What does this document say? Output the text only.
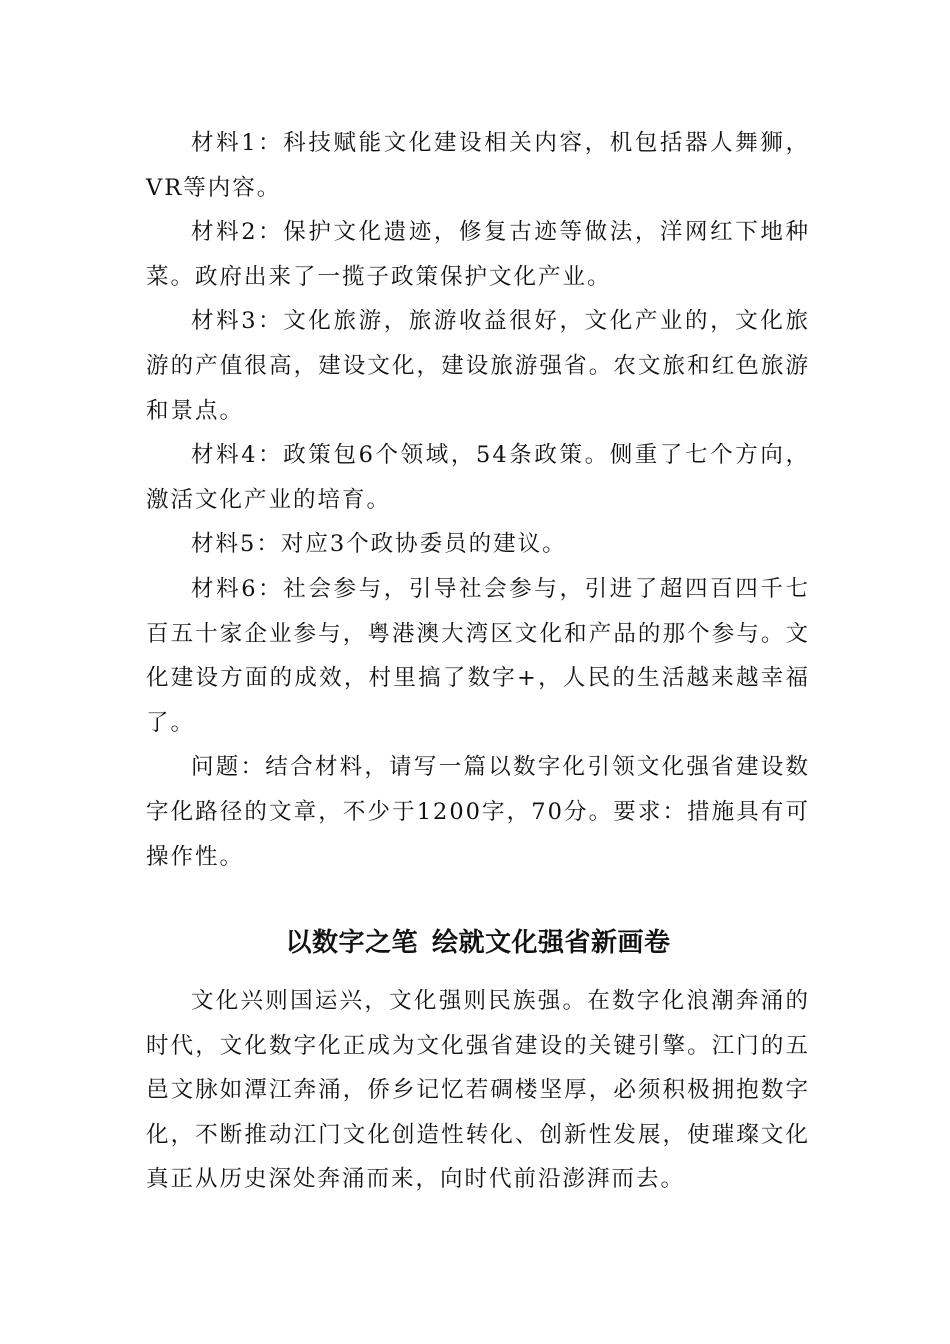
材料1：科技赋能文化建设相关内容，机包括器人舞狮，VR等内容。

材料2：保护文化遗迹，修复古迹等做法，洋网红下地种菜。政府出来了一揽子政策保护文化产业。

材料3：文化旅游，旅游收益很好，文化产业的，文化旅游的产值很高，建设文化，建设旅游强省。农文旅和红色旅游和景点。

材料4：政策包6个领域，54条政策。侧重了七个方向，激活文化产业的培育。

材料5：对应3个政协委员的建议。

材料6：社会参与，引导社会参与，引进了超四百四千七百五十家企业参与，粤港澳大湾区文化和产品的那个参与。文化建设方面的成效，村里搞了数字+，人民的生活越来越幸福了。

问题：结合材料，请写一篇以数字化引领文化强省建设数字化路径的文章，不少于1200字，70分。要求：措施具有可操作性。

以数字之笔 绘就文化强省新画卷

文化兴则国运兴，文化强则民族强。在数字化浪潮奔涌的时代，文化数字化正成为文化强省建设的关键引擎。江门的五邑文脉如潭江奔涌，侨乡记忆若碉楼坚厚，必须积极拥抱数字化，不断推动江门文化创造性转化、创新性发展，使璀璨文化真正从历史深处奔涌而来，向时代前沿澎湃而去。
